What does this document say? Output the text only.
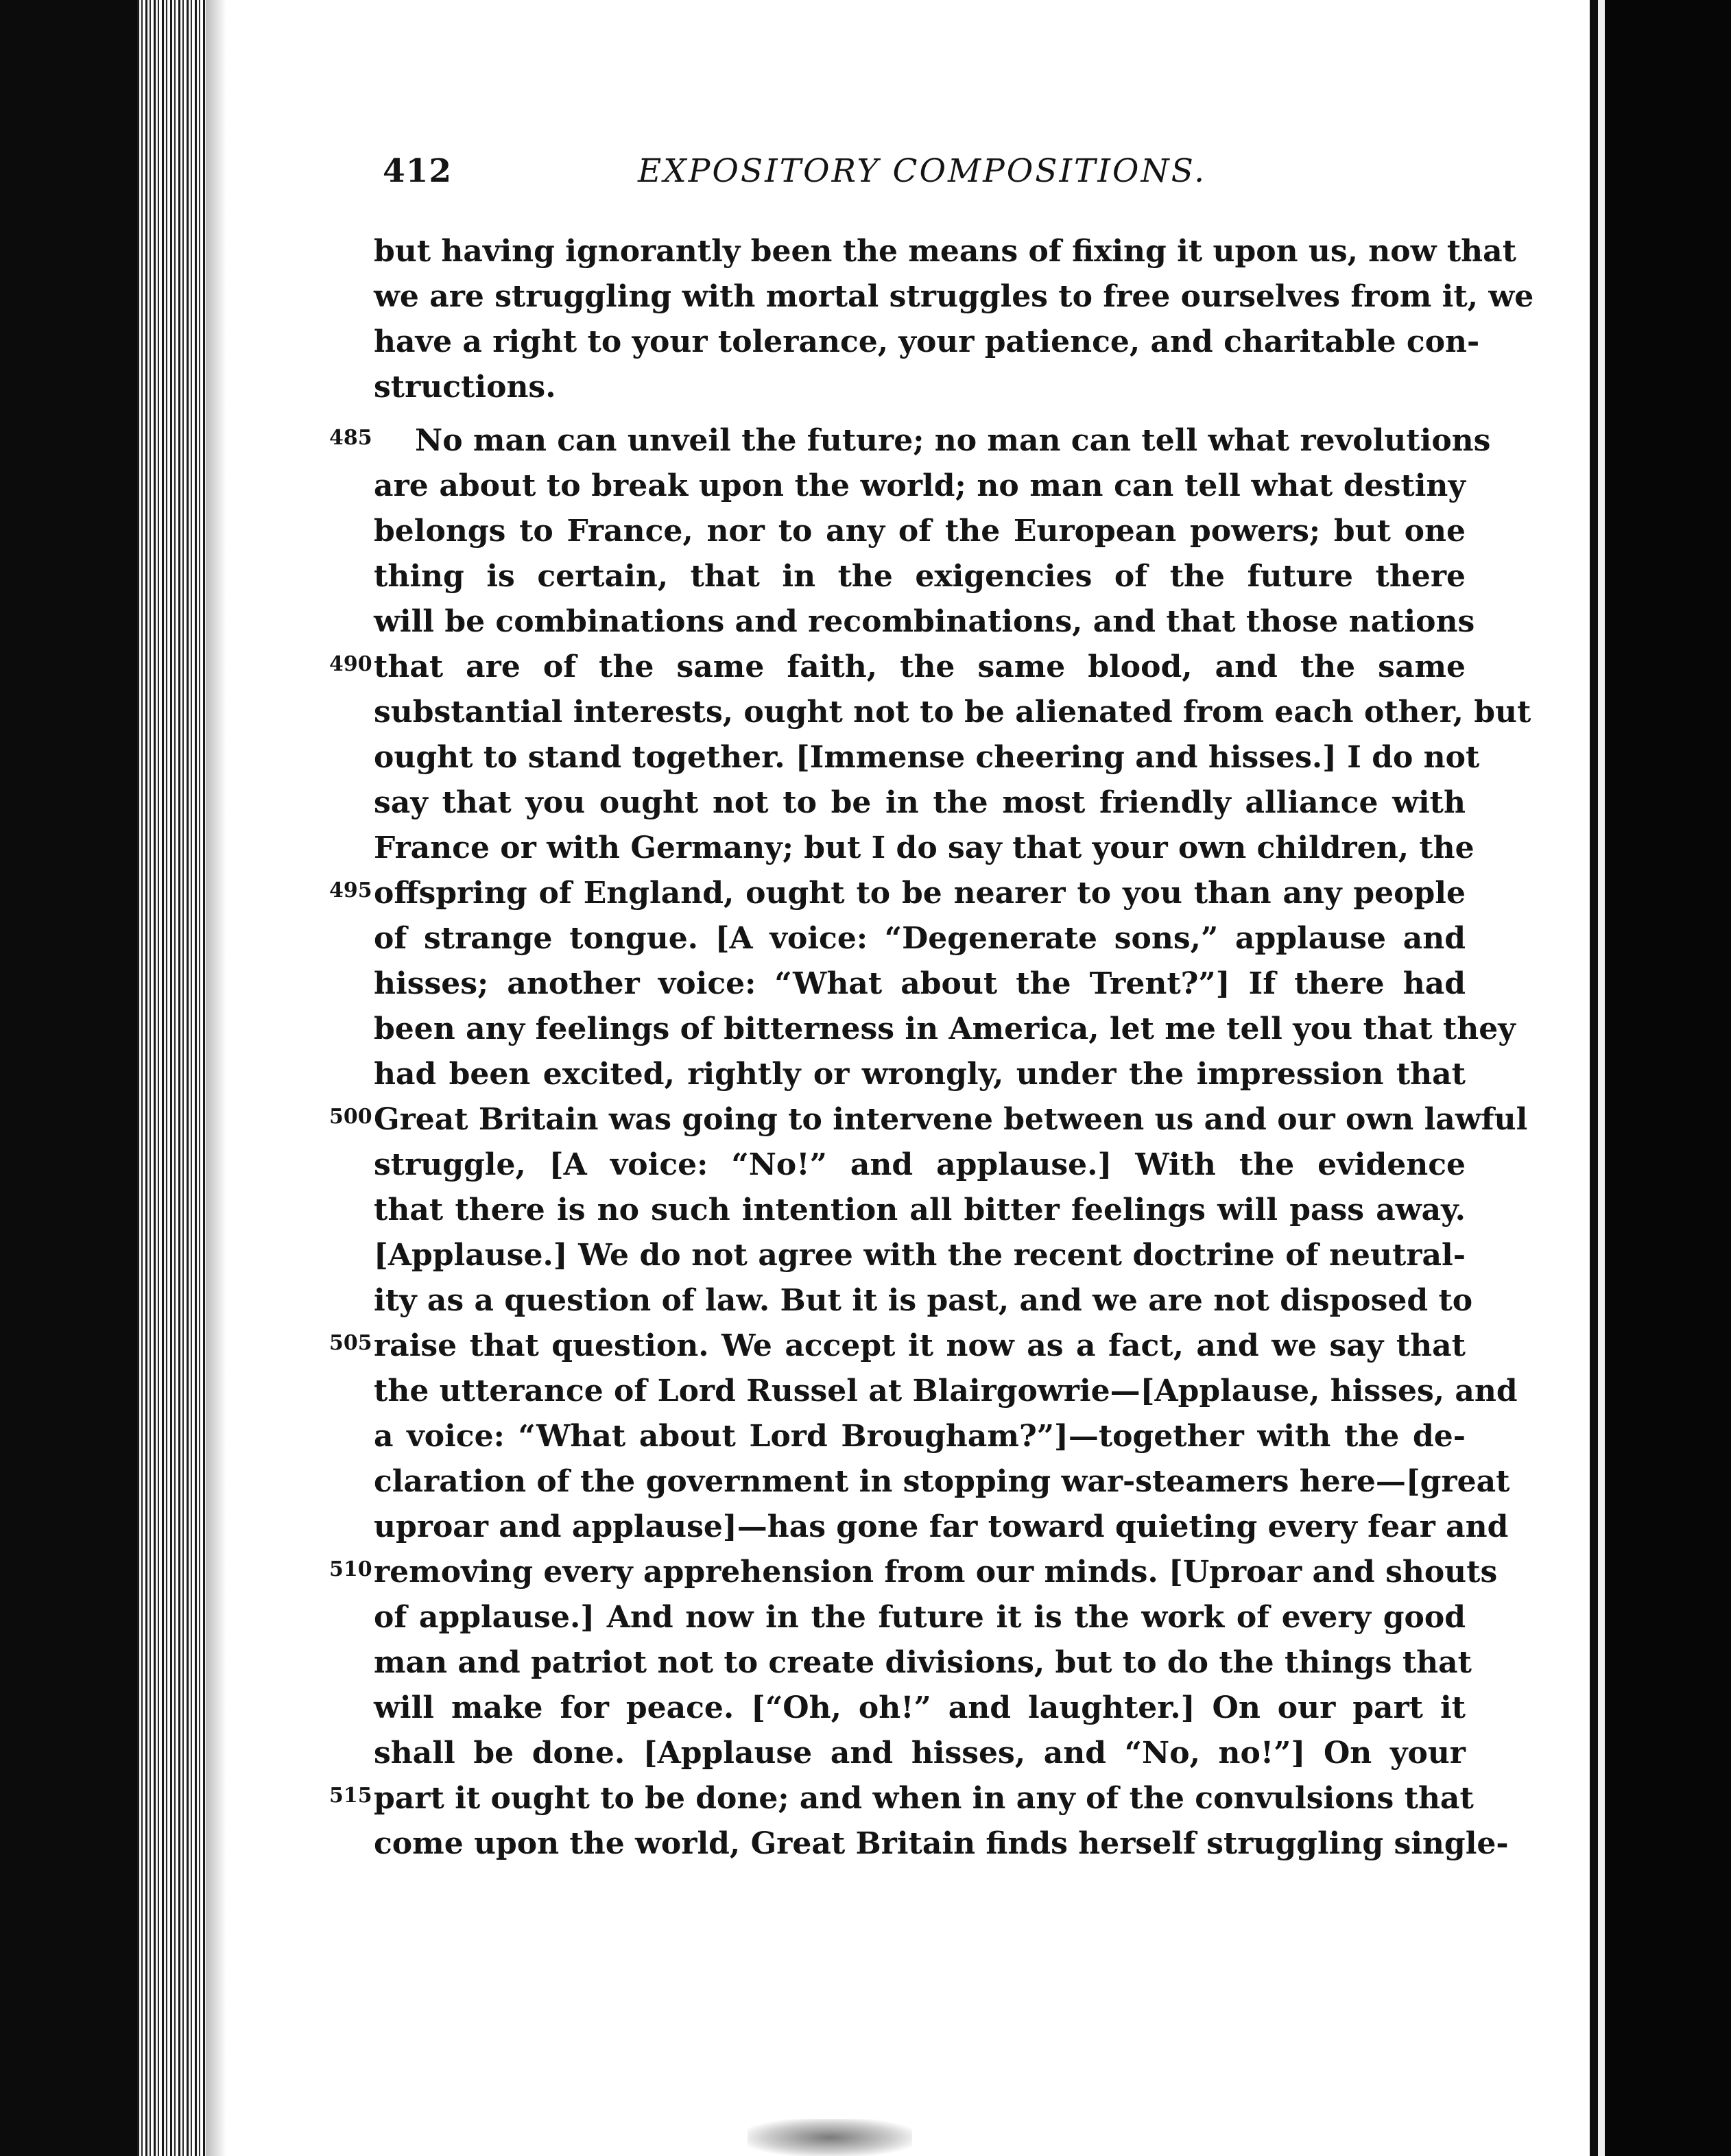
412	EXPOSITORY COMPOSITIONS.
but having ignorantly been the means of fixing it upon us, now that
we are struggling with mortal struggles to free ourselves from it, we
have a right to your tolerance, your patience, and charitable con-
structions.
485 No man can unveil the future; no man can tell what revolutions
are about to break upon the world; no man can tell what destiny
belongs to France, nor to any of the European powers; but one
thing is certain, that in the exigencies of the future there
will be combinations and recombinations, and that those nations
490 that are of the same faith, the same blood, and the same
substantial interests, ought not to be alienated from each other, but
ought to stand together. [Immense cheering and hisses.] I do not
say that you ought not to be in the most friendly alliance with
France or with Germany; but I do say that your own children, the
495 offspring of England, ought to be nearer to you than any people
of strange tongue. [A voice: “Degenerate sons,” applause and
hisses; another voice: “What about the Trent?”] If there had
been any feelings of bitterness in America, let me tell you that they
had been excited, rightly or wrongly, under the impression that
500 Great Britain was going to intervene between us and our own lawful
struggle, [A voice: “No!” and applause.] With the evidence
that there is no such intention all bitter feelings will pass away.
[Applause.] We do not agree with the recent doctrine of neutral-
ity as a question of law. But it is past, and we are not disposed to
505 raise that question. We accept it now as a fact, and we say that
the utterance of Lord Russel at Blairgowrie—[Applause, hisses, and
a voice: “What about Lord Brougham?”]—together with the de-
claration of the government in stopping war-steamers here—[great
uproar and applause]—has gone far toward quieting every fear and
510 removing every apprehension from our minds. [Uproar and shouts
of applause.] And now in the future it is the work of every good
man and patriot not to create divisions, but to do the things that
will make for peace. [“Oh, oh!” and laughter.] On our part it
shall be done. [Applause and hisses, and “No, no!”] On your
515 part it ought to be done; and when in any of the convulsions that
come upon the world, Great Britain finds herself struggling single-
